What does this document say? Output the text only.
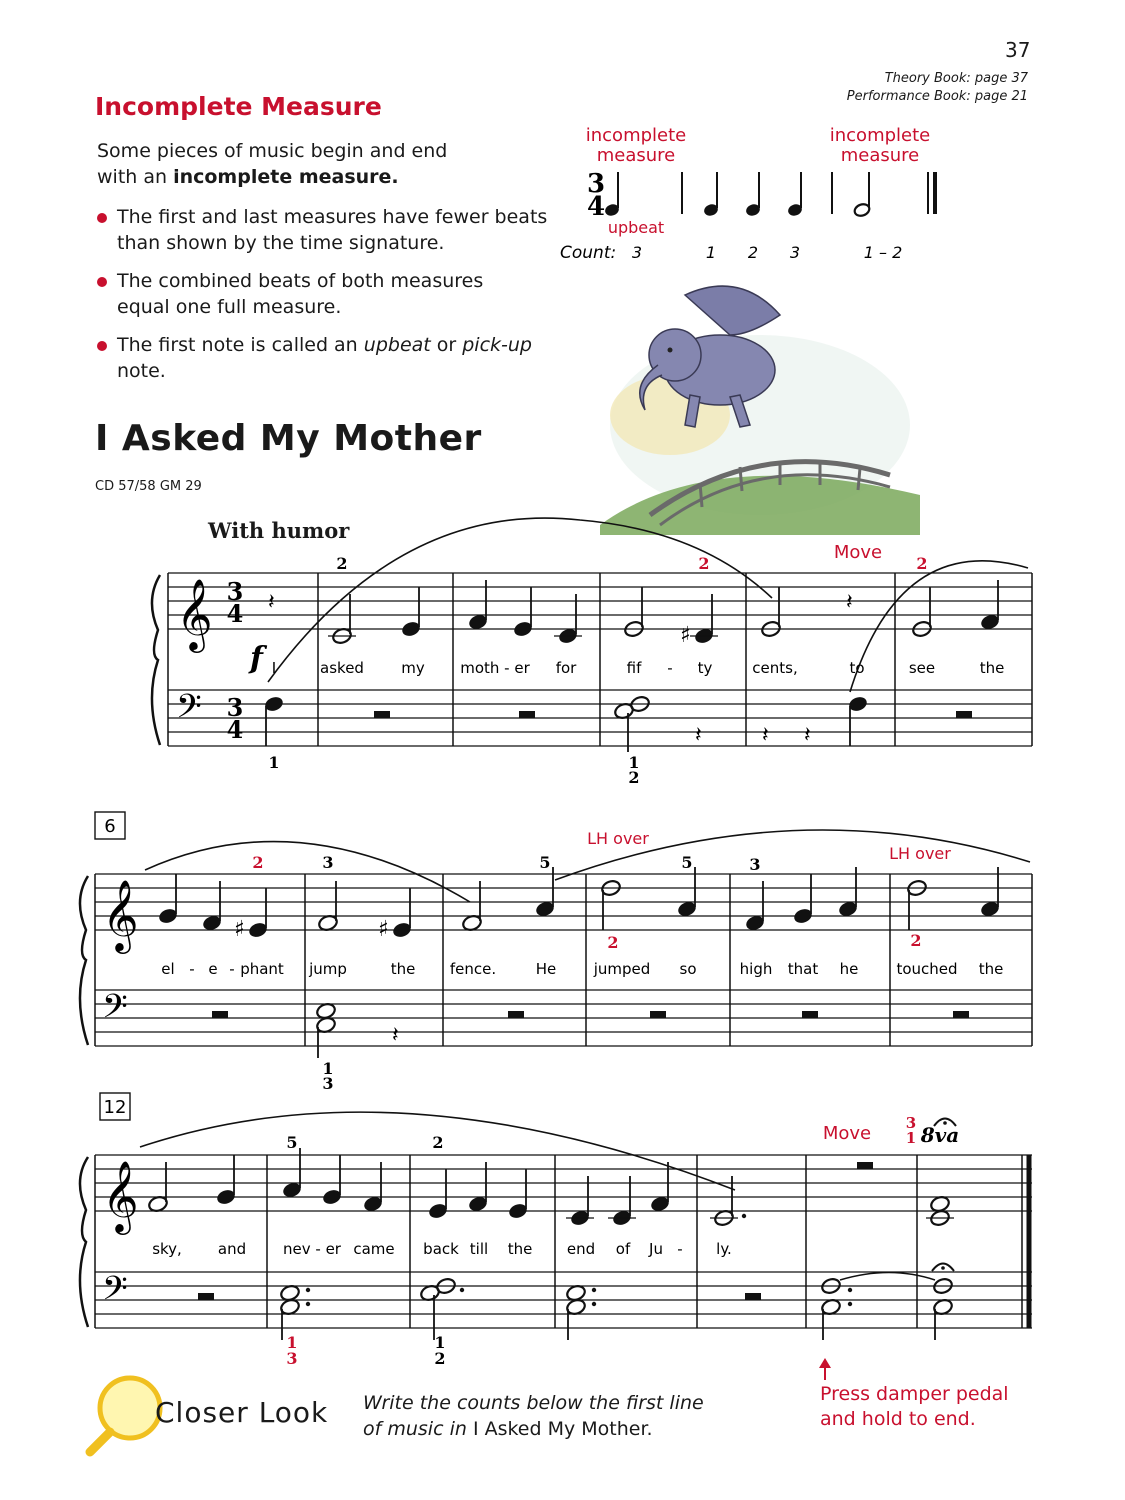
37
Theory Book: page 37
Performance Book: page 21
Incomplete Measure
Some pieces of music begin and end
with an incomplete measure.
The first and last measures have fewer beats
than shown by the time signature.
The combined beats of both measures
equal one full measure.
The first note is called an upbeat or pick-up note.
incomplete
measure
incomplete
measure
3
4
upbeat
Count: 3	1 2 3	1 – 2
𝄞
𝄢
3
4
3
4
f
𝄽
♯
𝄽
𝄽	𝄽 𝄽
2	2	2
1	1
2
Move
I	asked my moth - er for	fif - ty	cents,	to	see	the
6
𝄞
𝄢
♯	♯
𝄽
LH over
LH over
2	3	5	5	3
2	2
1
3
el - e - phant jump	the fence.	He jumped so	high that he	touched the
12
𝄞
𝄢
Move 8va
5	2
3
1
1
3
1
2
sky, and nev - er came back till the end of Ju - ly.
I Asked My Mother
CD 57/58 GM 29
With humor
Closer Look Write the counts below the first line
of music in I Asked My Mother.
Press damper pedal
and hold to end.
